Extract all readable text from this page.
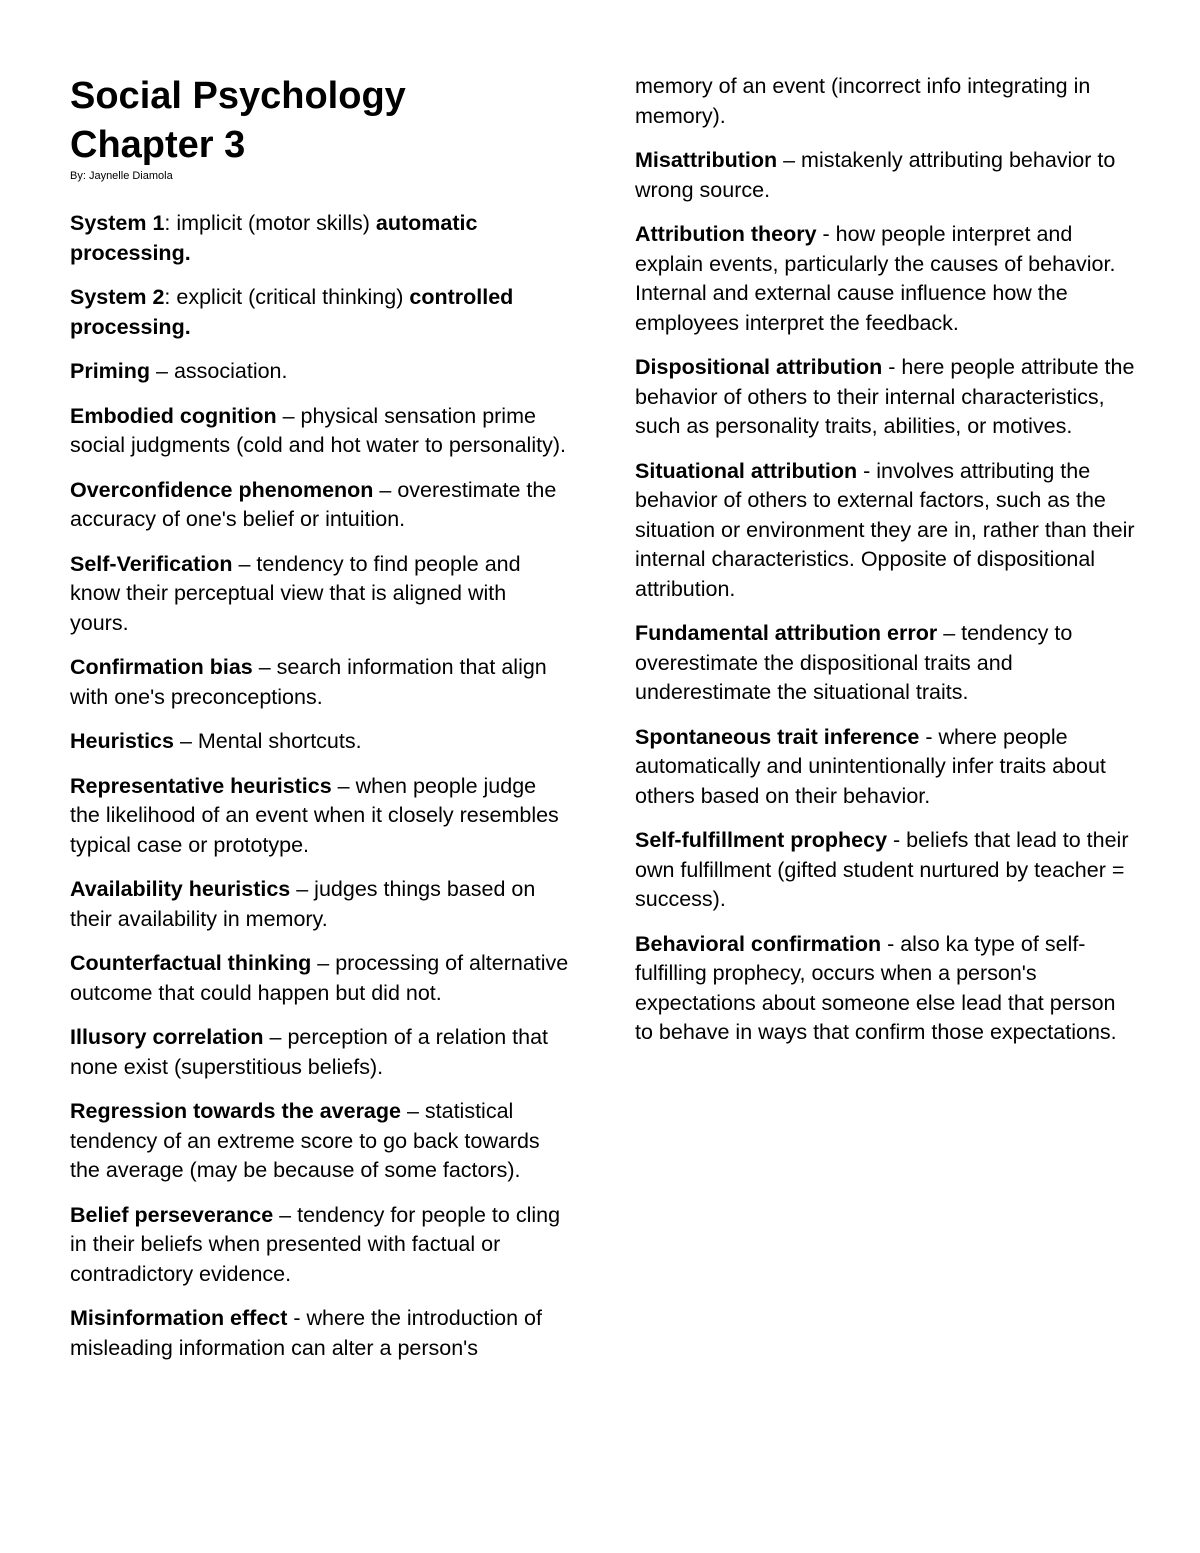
Social Psychology
Chapter 3

By: Jaynelle Diamola

System 1: implicit (motor skills) automatic processing.

System 2: explicit (critical thinking) controlled processing.

Priming – association.

Embodied cognition – physical sensation prime social judgments (cold and hot water to personality).

Overconfidence phenomenon – overestimate the accuracy of one's belief or intuition.

Self-Verification – tendency to find people and know their perceptual view that is aligned with yours.

Confirmation bias – search information that align with one's preconceptions.

Heuristics – Mental shortcuts.

Representative heuristics – when people judge the likelihood of an event when it closely resembles typical case or prototype.

Availability heuristics – judges things based on their availability in memory.

Counterfactual thinking – processing of alternative outcome that could happen but did not.

Illusory correlation – perception of a relation that none exist (superstitious beliefs).

Regression towards the average – statistical tendency of an extreme score to go back towards the average (may be because of some factors).

Belief perseverance – tendency for people to cling in their beliefs when presented with factual or contradictory evidence.

Misinformation effect - where the introduction of misleading information can alter a person's

memory of an event (incorrect info integrating in memory).

Misattribution – mistakenly attributing behavior to wrong source.

Attribution theory - how people interpret and explain events, particularly the causes of behavior. Internal and external cause influence how the employees interpret the feedback.

Dispositional attribution - here people attribute the behavior of others to their internal characteristics, such as personality traits, abilities, or motives.

Situational attribution - involves attributing the behavior of others to external factors, such as the situation or environment they are in, rather than their internal characteristics. Opposite of dispositional attribution.

Fundamental attribution error – tendency to overestimate the dispositional traits and underestimate the situational traits.

Spontaneous trait inference - where people automatically and unintentionally infer traits about others based on their behavior.

Self-fulfillment prophecy - beliefs that lead to their own fulfillment (gifted student nurtured by teacher = success).

Behavioral confirmation - also ka type of self-fulfilling prophecy, occurs when a person's expectations about someone else lead that person to behave in ways that confirm those expectations.
